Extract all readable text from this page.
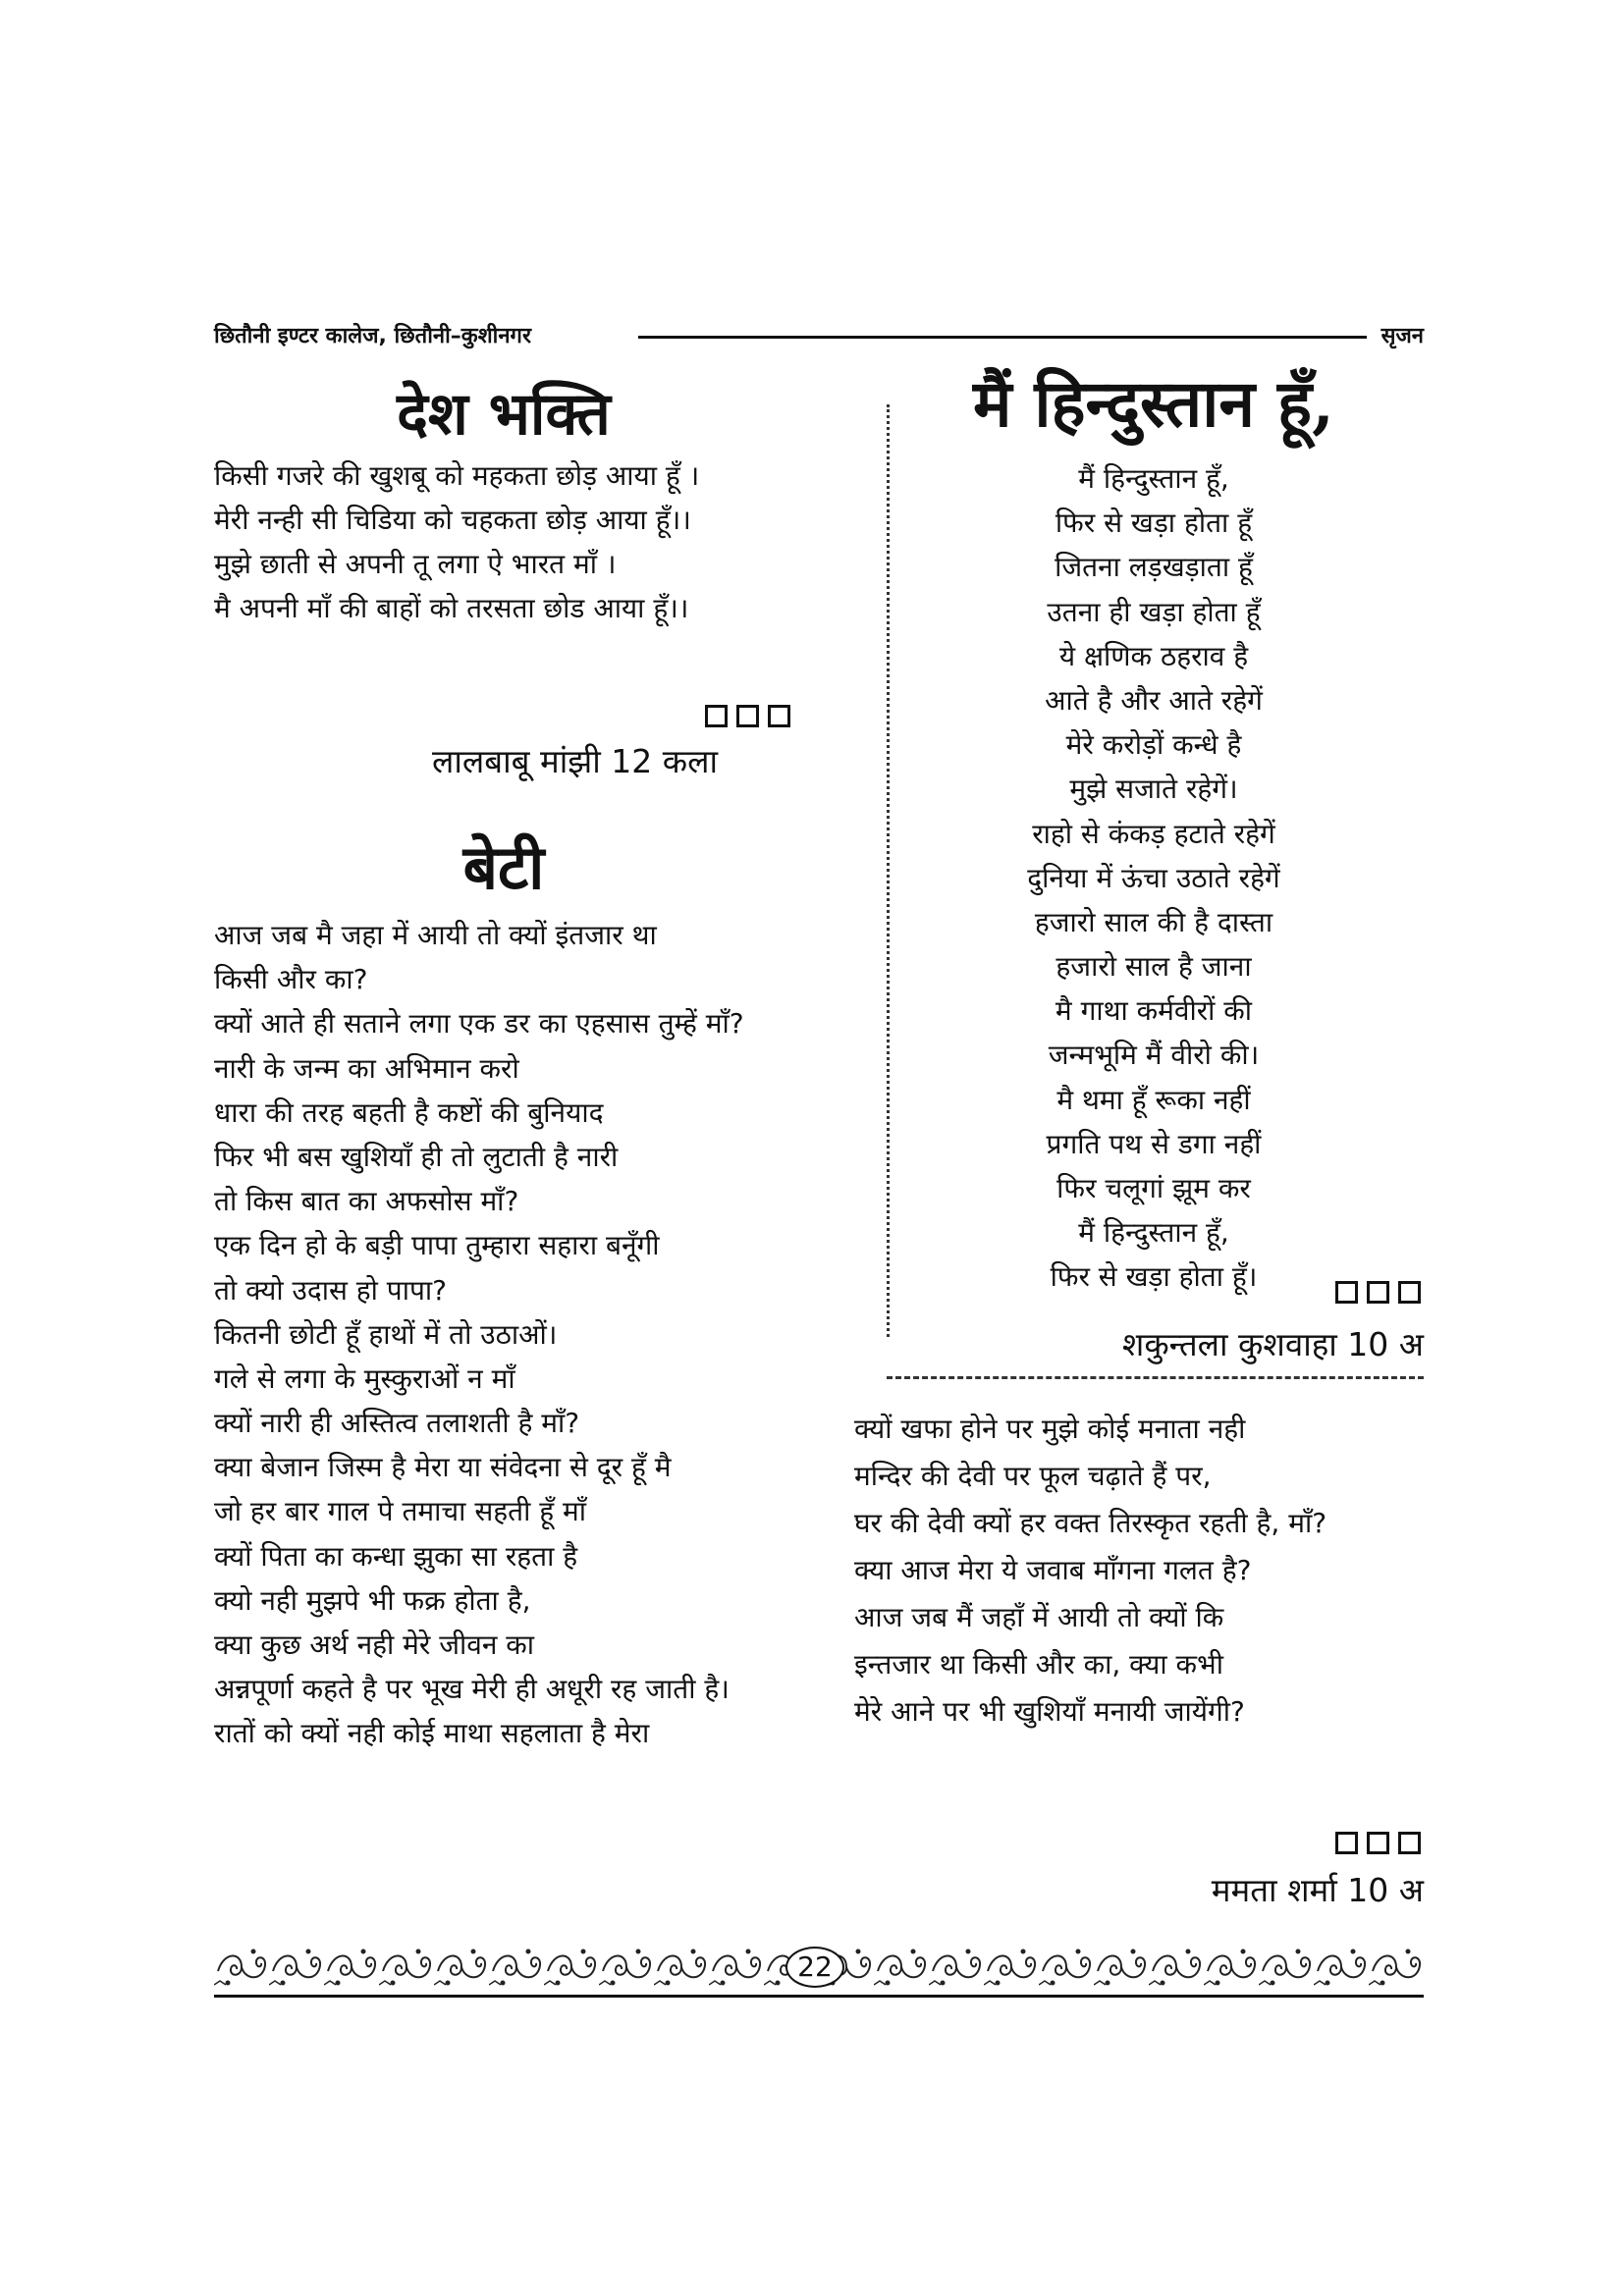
छितौनी इण्टर कालेज, छितौनी–कुशीनगर	सृजन
देश भक्ति
किसी गजरे की खुशबू को महकता छोड़ आया हूँ ।
मेरी नन्ही सी चिडिया को चहकता छोड़ आया हूँ।।
मुझे छाती से अपनी तू लगा ऐ भारत माँ ।
मै अपनी माँ की बाहों को तरसता छोड आया हूँ।।
लालबाबू मांझी 12 कला
बेटी
आज जब मै जहा में आयी तो क्यों इंतजार था
किसी और का?
क्यों आते ही सताने लगा एक डर का एहसास तुम्हें माँ?
नारी के जन्म का अभिमान करो
धारा की तरह बहती है कष्टों की बुनियाद
फिर भी बस खुशियाँ ही तो लुटाती है नारी
तो किस बात का अफसोस माँ?
एक दिन हो के बड़ी पापा तुम्हारा सहारा बनूँगी
तो क्यो उदास हो पापा?
कितनी छोटी हूँ हाथों में तो उठाओं।
गले से लगा के मुस्कुराओं न माँ
क्यों नारी ही अस्तित्व तलाशती है माँ?
क्या बेजान जिस्म है मेरा या संवेदना से दूर हूँ मै
जो हर बार गाल पे तमाचा सहती हूँ माँ
क्यों पिता का कन्धा झुका सा रहता है
क्यो नही मुझपे भी फक्र होता है,
क्या कुछ अर्थ नही मेरे जीवन का
अन्नपूर्णा कहते है पर भूख मेरी ही अधूरी रह जाती है।
रातों को क्यों नही कोई माथा सहलाता है मेरा
मैं हिन्दुस्तान हूँ,
मैं हिन्दुस्तान हूँ,
फिर से खड़ा होता हूँ
जितना लड़खड़ाता हूँ
उतना ही खड़ा होता हूँ
ये क्षणिक ठहराव है
आते है और आते रहेगें
मेरे करोड़ों कन्धे है
मुझे सजाते रहेगें।
राहो से कंकड़ हटाते रहेगें
दुनिया में ऊंचा उठाते रहेगें
हजारो साल की है दास्ता
हजारो साल है जाना
मै गाथा कर्मवीरों की
जन्मभूमि मैं वीरो की।
मै थमा हूँ रूका नहीं
प्रगति पथ से डगा नहीं
फिर चलूगां झूम कर
मैं हिन्दुस्तान हूँ,
फिर से खड़ा होता हूँ।
शकुन्तला कुशवाहा 10 अ
क्यों खफा होने पर मुझे कोई मनाता नही
मन्दिर की देवी पर फूल चढ़ाते हैं पर,
घर की देवी क्यों हर वक्त तिरस्कृत रहती है, माँ?
क्या आज मेरा ये जवाब माँगना गलत है?
आज जब मैं जहाँ में आयी तो क्यों कि
इन्तजार था किसी और का, क्या कभी
मेरे आने पर भी खुशियाँ मनायी जायेंगी?
ममता शर्मा 10 अ
22
